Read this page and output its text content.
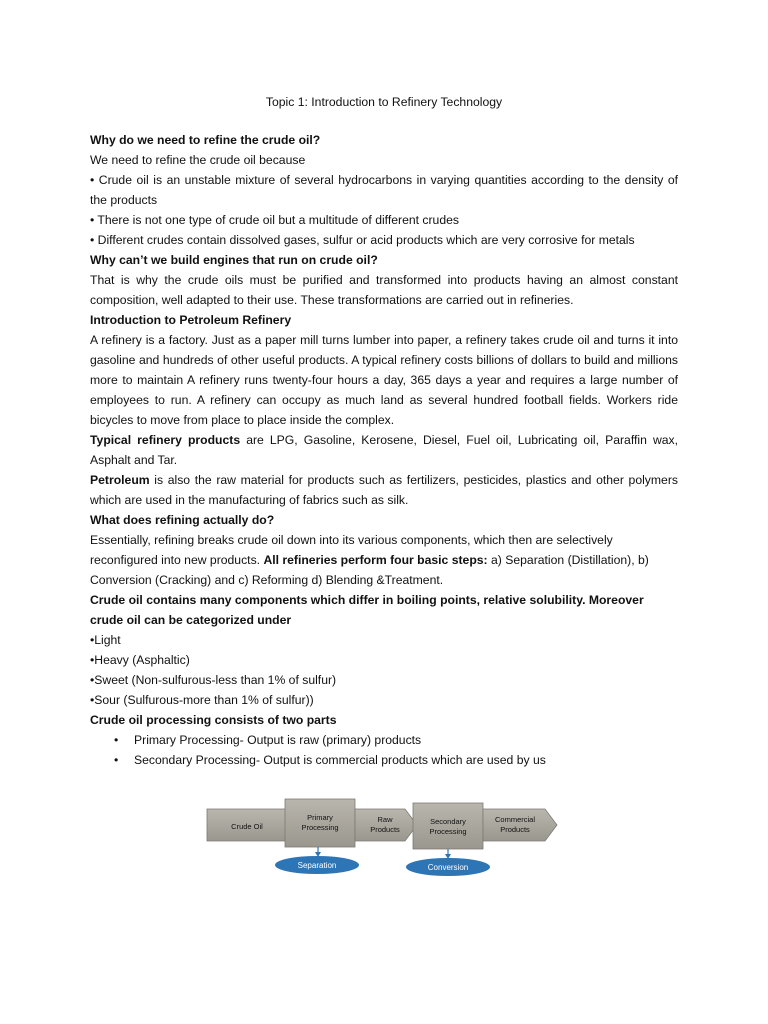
Topic 1: Introduction to Refinery Technology

Why do we need to refine the crude oil?

We need to refine the crude oil because

• Crude oil is an unstable mixture of several hydrocarbons in varying quantities according to the density of the products

• There is not one type of crude oil but a multitude of different crudes

• Different crudes contain dissolved gases, sulfur or acid products which are very corrosive for metals

Why can’t we build engines that run on crude oil?

That is why the crude oils must be purified and transformed into products having an almost constant composition, well adapted to their use. These transformations are carried out in refineries.

Introduction to Petroleum Refinery

A refinery is a factory. Just as a paper mill turns lumber into paper, a refinery takes crude oil and turns it into gasoline and hundreds of other useful products. A typical refinery costs billions of dollars to build and millions more to maintain A refinery runs twenty-four hours a day, 365 days a year and requires a large number of employees to run. A refinery can occupy as much land as several hundred football fields. Workers ride bicycles to move from place to place inside the complex.

Typical refinery products are LPG, Gasoline, Kerosene, Diesel, Fuel oil, Lubricating oil, Paraffin wax, Asphalt and Tar.

Petroleum is also the raw material for products such as fertilizers, pesticides, plastics and other polymers which are used in the manufacturing of fabrics such as silk.

What does refining actually do?

Essentially, refining breaks crude oil down into its various components, which then are selectively reconfigured into new products. All refineries perform four basic steps: a) Separation (Distillation), b) Conversion (Cracking) and c) Reforming d) Blending &Treatment.

Crude oil contains many components which differ in boiling points, relative solubility. Moreover crude oil can be categorized under

•Light

•Heavy (Asphaltic)

•Sweet (Non-sulfurous-less than 1% of sulfur)

•Sour (Sulfurous-more than 1% of sulfur))

Crude oil processing consists of two parts

• Primary Processing- Output is raw (primary) products

• Secondary Processing- Output is commercial products which are used by us

Crude Oil
Primary
Processing
Raw
Products
Secondary
Processing
Commercial
Products
Separation	Conversion
